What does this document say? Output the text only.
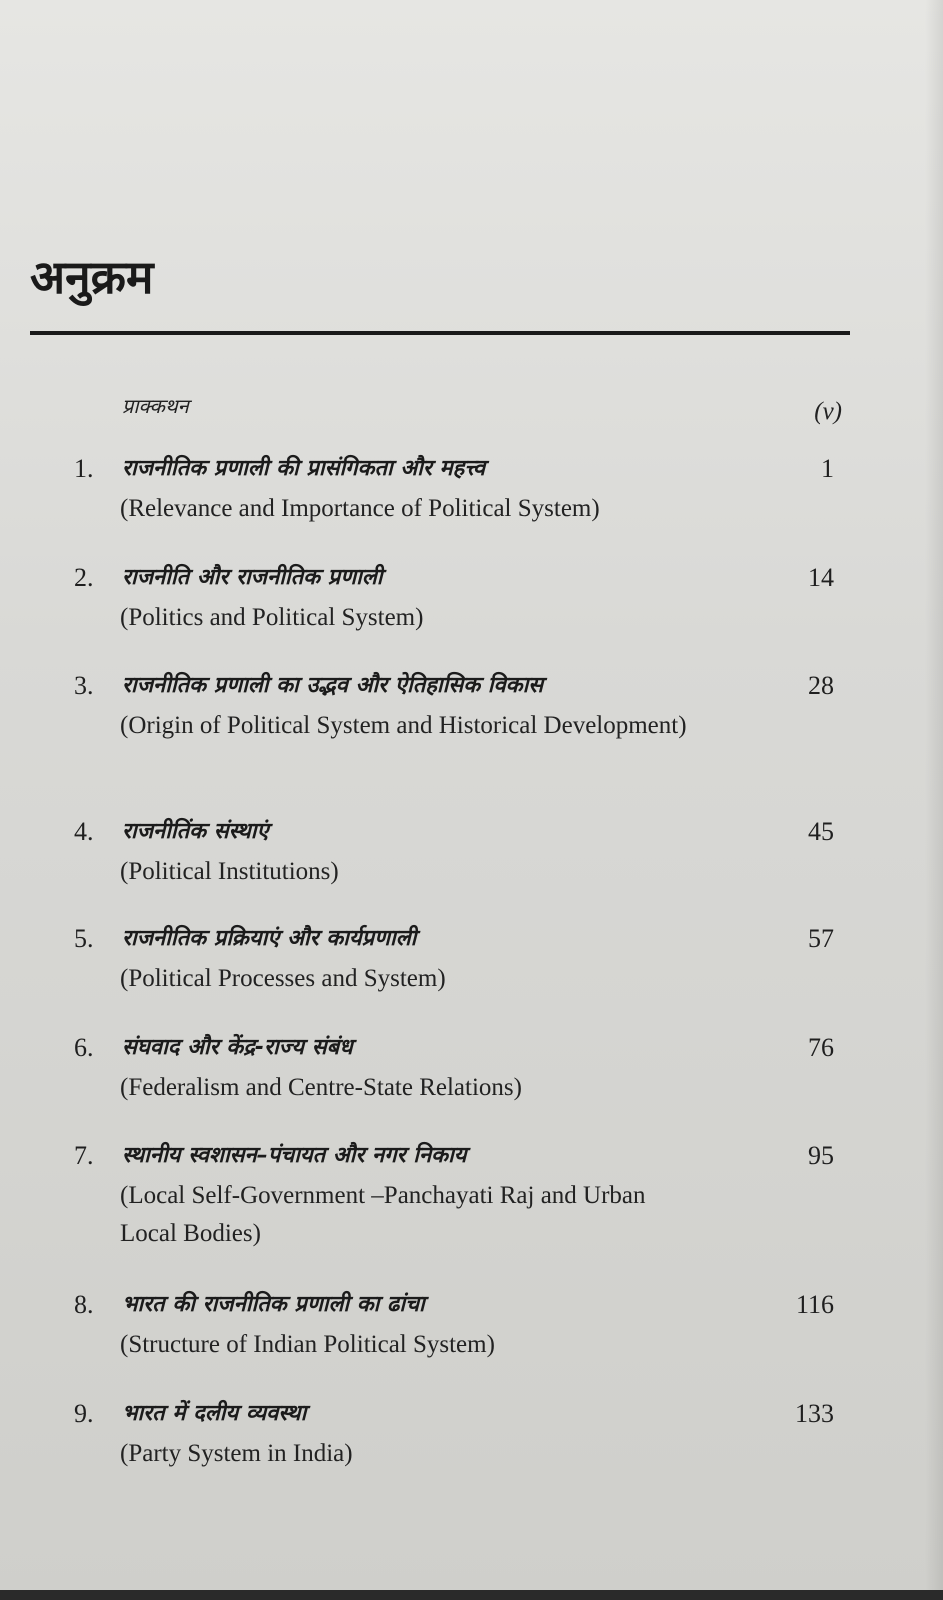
अनुक्रम
प्राक्कथन	(v)
1. राजनीतिक प्रणाली की प्रासंगिकता और महत्त्व	1
(Relevance and Importance of Political System)
2. राजनीति और राजनीतिक प्रणाली	14
(Politics and Political System)
3. राजनीतिक प्रणाली का उद्भव और ऐतिहासिक विकास	28
(Origin of Political System and Historical Development)
4. राजनीतिंक संस्थाएं	45
(Political Institutions)
5. राजनीतिक प्रक्रियाएं और कार्यप्रणाली	57
(Political Processes and System)
6. संघवाद और केंद्र-राज्य संबंध	76
(Federalism and Centre-State Relations)
7. स्थानीय स्वशासन–पंचायत और नगर निकाय	95
(Local Self-Government –Panchayati Raj and Urban Local Bodies)
8. भारत की राजनीतिक प्रणाली का ढांचा	116
(Structure of Indian Political System)
9. भारत में दलीय व्यवस्था	133
(Party System in India)
